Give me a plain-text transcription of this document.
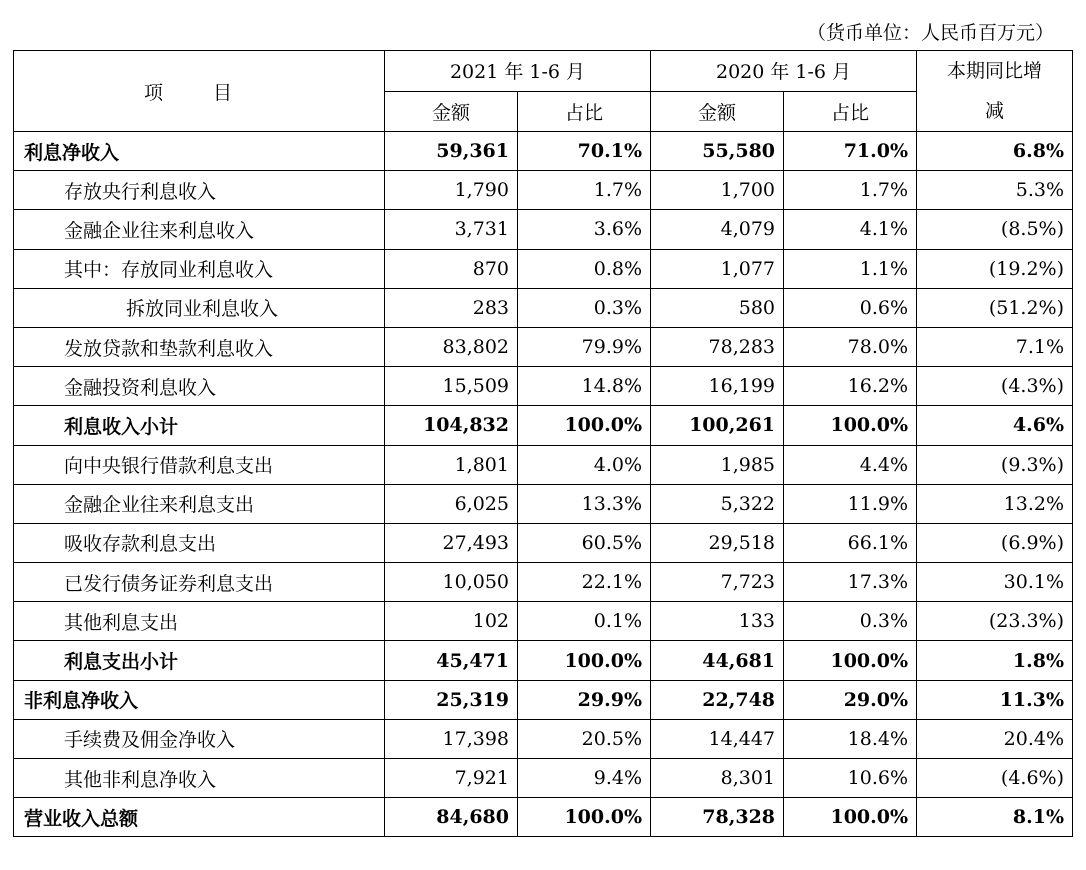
（货币单位：人民币百万元）
项 目	2021 年 1-6 月		2020 年 1-6 月		本期同比增减
	金额	占比	金额	占比	
利息净收入	59,361	70.1%	55,580	71.0%	6.8%
存放央行利息收入	1,790	1.7%	1,700	1.7%	5.3%
金融企业往来利息收入	3,731	3.6%	4,079	4.1%	(8.5%)
其中：存放同业利息收入	870	0.8%	1,077	1.1%	(19.2%)
拆放同业利息收入	283	0.3%	580	0.6%	(51.2%)
发放贷款和垫款利息收入	83,802	79.9%	78,283	78.0%	7.1%
金融投资利息收入	15,509	14.8%	16,199	16.2%	(4.3%)
利息收入小计	104,832	100.0%	100,261	100.0%	4.6%
向中央银行借款利息支出	1,801	4.0%	1,985	4.4%	(9.3%)
金融企业往来利息支出	6,025	13.3%	5,322	11.9%	13.2%
吸收存款利息支出	27,493	60.5%	29,518	66.1%	(6.9%)
已发行债务证券利息支出	10,050	22.1%	7,723	17.3%	30.1%
其他利息支出	102	0.1%	133	0.3%	(23.3%)
利息支出小计	45,471	100.0%	44,681	100.0%	1.8%
非利息净收入	25,319	29.9%	22,748	29.0%	11.3%
手续费及佣金净收入	17,398	20.5%	14,447	18.4%	20.4%
其他非利息净收入	7,921	9.4%	8,301	10.6%	(4.6%)
营业收入总额	84,680	100.0%	78,328	100.0%	8.1%
